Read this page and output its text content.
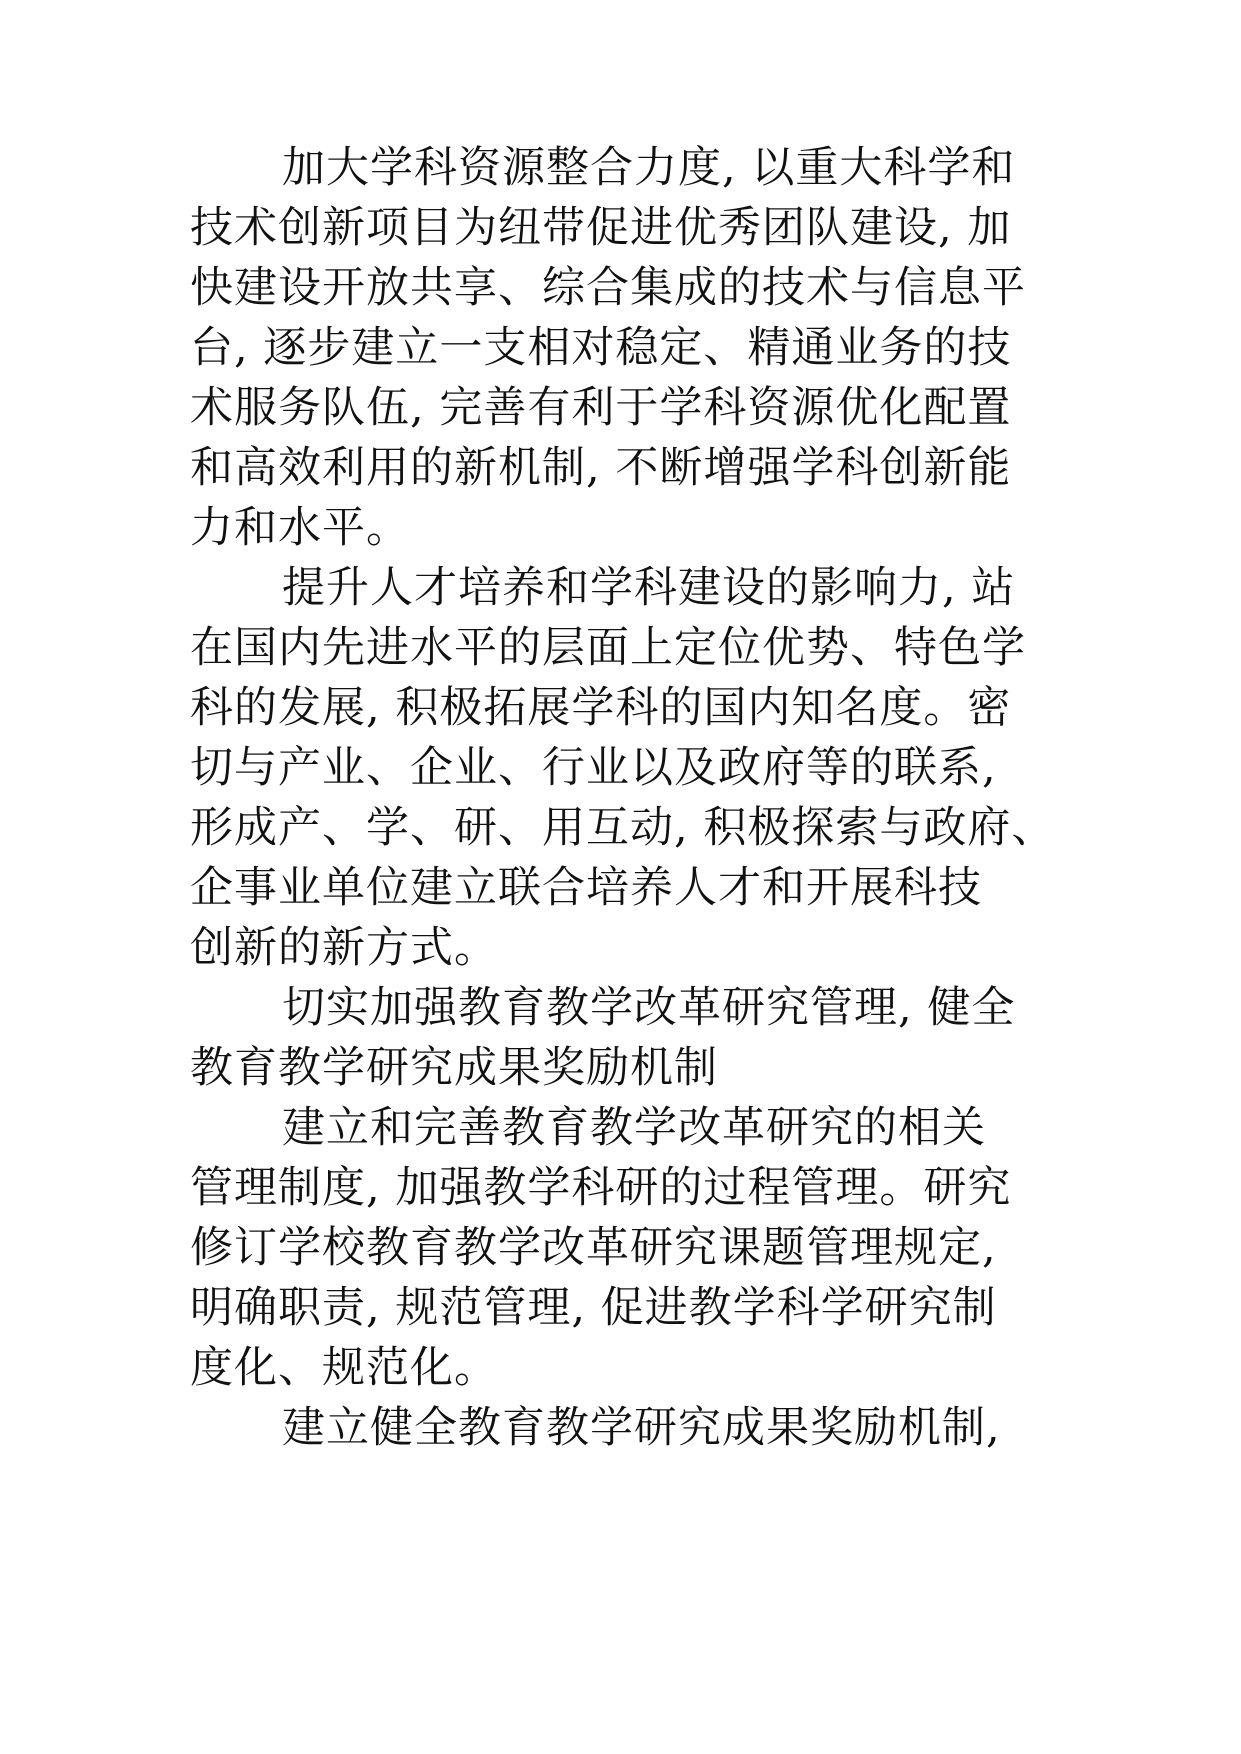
加大学科资源整合力度, 以重大科学和

技术创新项目为纽带促进优秀团队建设, 加

快建设开放共享、综合集成的技术与信息平

台, 逐步建立一支相对稳定、精通业务的技

术服务队伍, 完善有利于学科资源优化配置

和高效利用的新机制, 不断增强学科创新能

力和水平。

提升人才培养和学科建设的影响力, 站

在国内先进水平的层面上定位优势、特色学

科的发展, 积极拓展学科的国内知名度。密

切与产业、企业、行业以及政府等的联系,

形成产、学、研、用互动, 积极探索与政府、

企事业单位建立联合培养人才和开展科技

创新的新方式。

切实加强教育教学改革研究管理, 健全

教育教学研究成果奖励机制

建立和完善教育教学改革研究的相关

管理制度, 加强教学科研的过程管理。研究

修订学校教育教学改革研究课题管理规定,

明确职责, 规范管理, 促进教学科学研究制

度化、规范化。

建立健全教育教学研究成果奖励机制,
